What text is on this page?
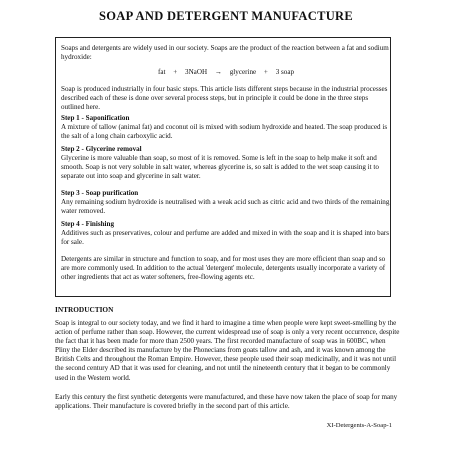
SOAP AND DETERGENT MANUFACTURE
Soaps and detergents are widely used in our society. Soaps are the product of the reaction between a fat and sodium hydroxide:
fat + 3NaOH → glycerine + 3 soap
Soap is produced industrially in four basic steps. This article lists different steps because in the industrial processes described each of these is done over several process steps, but in principle it could be done in the three steps outlined here.
Step 1 - Saponification
A mixture of tallow (animal fat) and coconut oil is mixed with sodium hydroxide and heated. The soap produced is the salt of a long chain carboxylic acid.
Step 2 - Glycerine removal
Glycerine is more valuable than soap, so most of it is removed. Some is left in the soap to help make it soft and smooth. Soap is not very soluble in salt water, whereas glycerine is, so salt is added to the wet soap causing it to separate out into soap and glycerine in salt water.
Step 3 - Soap purification
Any remaining sodium hydroxide is neutralised with a weak acid such as citric acid and two thirds of the remaining water removed.
Step 4 - Finishing
Additives such as preservatives, colour and perfume are added and mixed in with the soap and it is shaped into bars for sale.
Detergents are similar in structure and function to soap, and for most uses they are more efficient than soap and so are more commonly used. In addition to the actual 'detergent' molecule, detergents usually incorporate a variety of other ingredients that act as water softeners, free-flowing agents etc.
INTRODUCTION
Soap is integral to our society today, and we find it hard to imagine a time when people were kept sweet-smelling by the action of perfume rather than soap. However, the current widespread use of soap is only a very recent occurrence, despite the fact that it has been made for more than 2500 years. The first recorded manufacture of soap was in 600BC, when Pliny the Elder described its manufacture by the Phonecians from goats tallow and ash, and it was known among the British Celts and throughout the Roman Empire. However, these people used their soap medicinally, and it was not until the second century AD that it was used for cleaning, and not until the nineteenth century that it began to be commonly used in the Western world.
Early this century the first synthetic detergents were manufactured, and these have now taken the place of soap for many applications. Their manufacture is covered briefly in the second part of this article.
XI-Detergents-A-Soap-1
